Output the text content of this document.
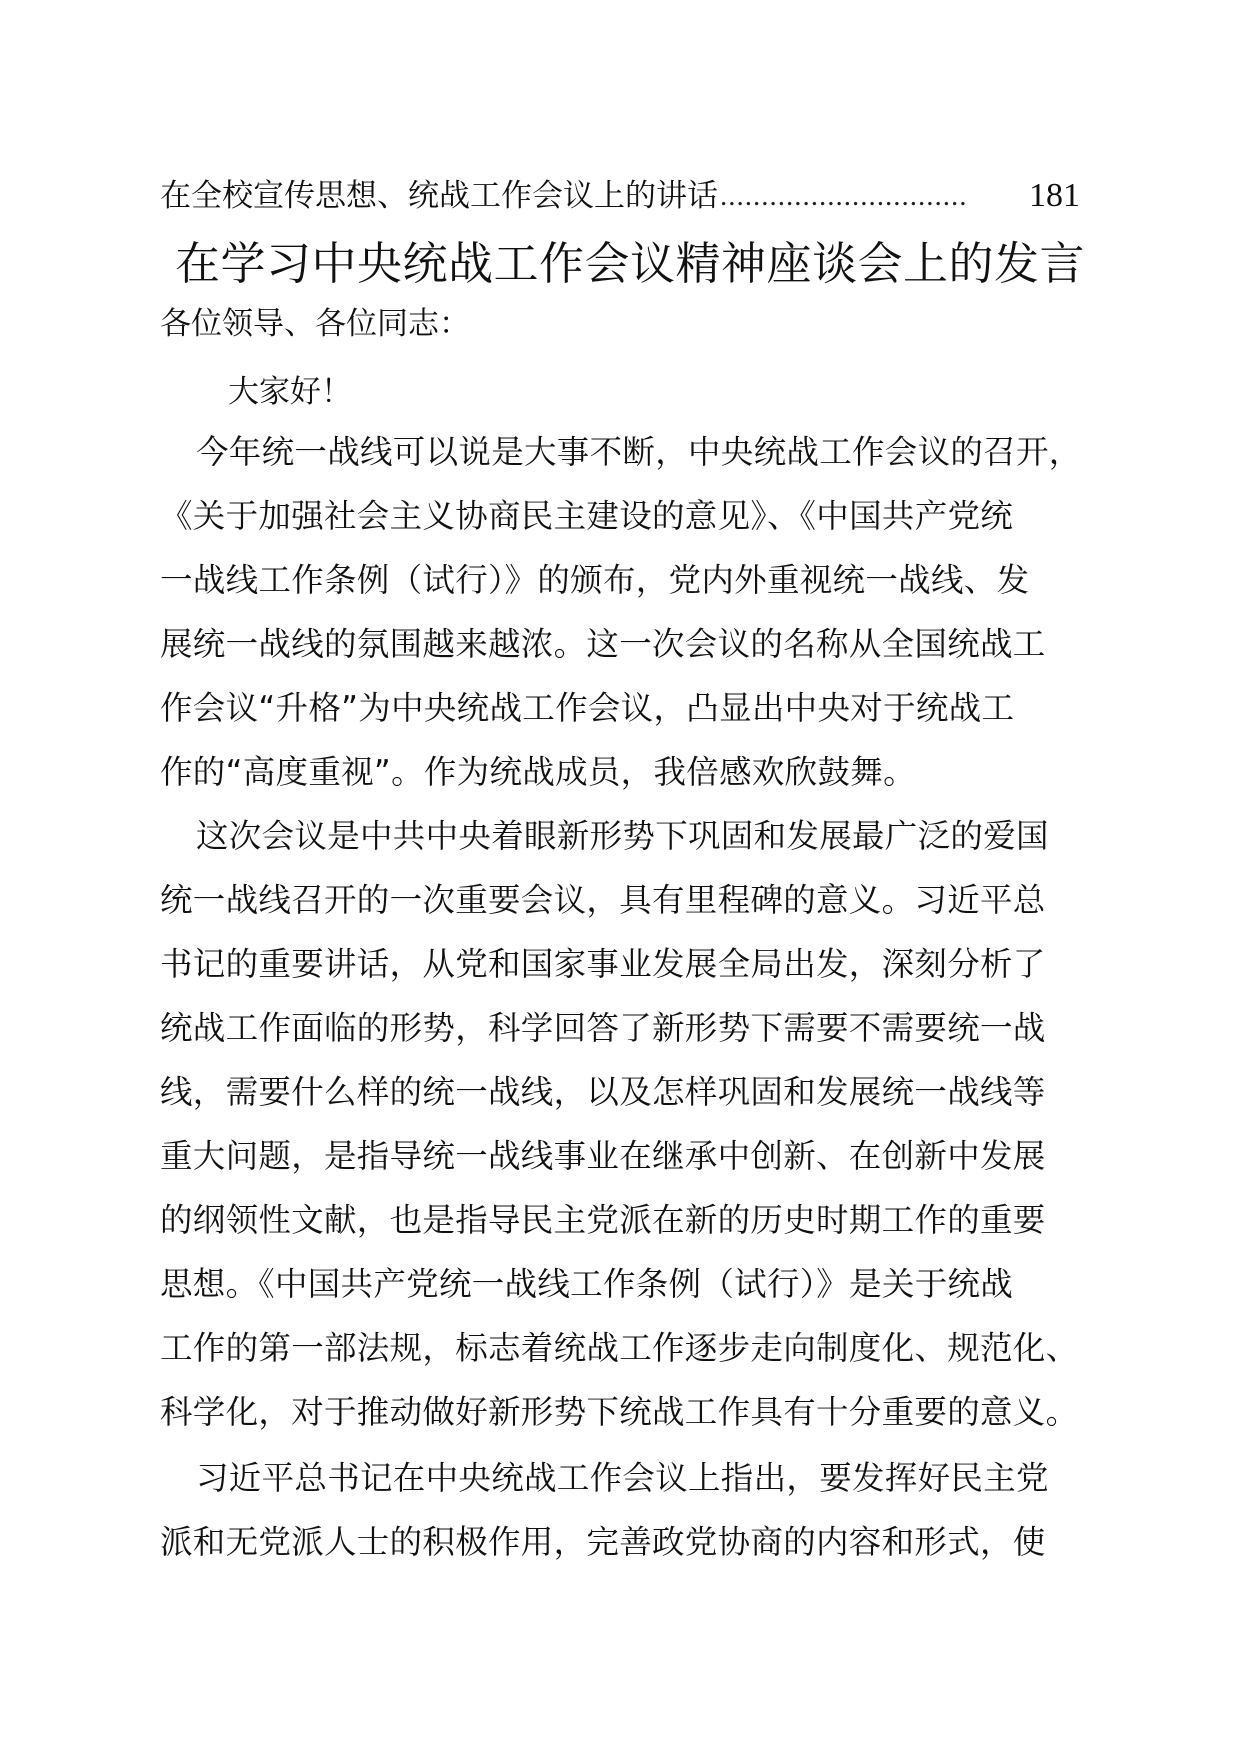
在全校宣传思想、统战工作会议上的讲话 ..............................	181
在学习中央统战工作会议精神座谈会上的发言
各位领导、各位同志：
大家好！
今年统一战线可以说是大事不断，中央统战工作会议的召开，
《关于加强社会主义协商民主建设的意见》、《中国共产党统
一战线工作条例（试行）》的颁布，党内外重视统一战线、发
展统一战线的氛围越来越浓。这一次会议的名称从全国统战工
作会议“升格”为中央统战工作会议，凸显出中央对于统战工
作的“高度重视”。作为统战成员，我倍感欢欣鼓舞。
这次会议是中共中央着眼新形势下巩固和发展最广泛的爱国
统一战线召开的一次重要会议，具有里程碑的意义。习近平总
书记的重要讲话，从党和国家事业发展全局出发，深刻分析了
统战工作面临的形势，科学回答了新形势下需要不需要统一战
线，需要什么样的统一战线，以及怎样巩固和发展统一战线等
重大问题，是指导统一战线事业在继承中创新、在创新中发展
的纲领性文献，也是指导民主党派在新的历史时期工作的重要
思想。《中国共产党统一战线工作条例（试行）》是关于统战
工作的第一部法规，标志着统战工作逐步走向制度化、规范化、
科学化，对于推动做好新形势下统战工作具有十分重要的意义。
习近平总书记在中央统战工作会议上指出，要发挥好民主党
派和无党派人士的积极作用，完善政党协商的内容和形式，使
